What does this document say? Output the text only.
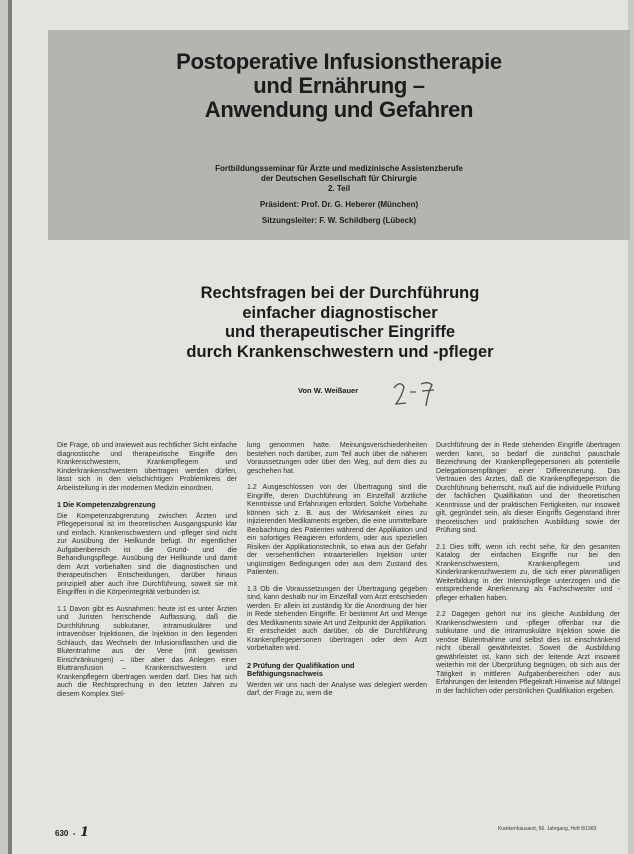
Postoperative Infusionstherapie
und Ernährung –
Anwendung und Gefahren
Fortbildungsseminar für Ärzte und medizinische Assistenzberufe
der Deutschen Gesellschaft für Chirurgie
2. Teil
Präsident: Prof. Dr. G. Heberer (München)
Sitzungsleiter: F. W. Schildberg (Lübeck)
Rechtsfragen bei der Durchführung
einfacher diagnostischer
und therapeutischer Eingriffe
durch Krankenschwestern und -pfleger
Von W. Weißauer

Die Frage, ob und inwieweit aus rechtlicher Sicht einfache diagnostische und therapeutische Eingriffe den Krankenschwestern, Krankenpflegern und Kinderkrankenschwestern übertragen werden dürfen, lässt sich in den vielschichtigen Problemkreis der Arbeitsteilung in der modernen Medizin einordnen.

1 Die Kompetenzabgrenzung

Die Kompetenzabgrenzung zwischen Ärzten und Pflegepersonal ist im theoretischen Ausgangspunkt klar und einfach. Krankenschwestern und -pfleger sind nicht zur Ausübung der Heilkunde befugt. Ihr eigentlicher Aufgabenbereich ist die Grund- und die Behandlungspflege. Ausübung der Heilkunde und damit dem Arzt vorbehalten sind die diagnostischen und therapeutischen Entscheidungen, darüber hinaus prinzipiell aber auch ihre Durchführung, soweit sie mit Eingriffen in die Körperintegrität verbunden ist.

1.1 Davon gibt es Ausnahmen: heute ist es unter Ärzten und Juristen herrschende Auffassung, daß die Durchführung subkutaner, intramuskulärer und intravenöser Injektionen, die Injektion in den liegenden Schlauch, das Wechseln der Infusionsflaschen und die Blutentnahme aus der Vene (mit gewissen Einschränkungen) – über aber das Anlegen einer Bluttransfusion – Krankenschwestern und Krankenpflegern übertragen werden darf. Dies hat sich auch die Rechtsprechung in den letzten Jahren zu diesem Komplex Stel-

lung genommen hatte. Meinungsverschiedenheiten bestehen noch darüber, zum Teil auch über die näheren Voraussetzungen oder über den Weg, auf dem dies zu geschehen hat.

1.2 Ausgeschlossen von der Übertragung sind die Eingriffe, deren Durchführung im Einzelfall ärztliche Kenntnisse und Erfahrungen erfordert. Solche Vorbehalte können sich z. B. aus der Wirksamkeit eines zu injizierenden Medikaments ergeben, die eine unmittelbare Beobachtung des Patienten während der Applikation und ein sofortiges Reagieren erfordern, oder aus speziellen Risiken der Applikationstechnik, so etwa aus der Gefahr der versehentlichen intraarteriellen Injektion unter ungünstigen Bedingungen oder aus dem Zustand des Patienten.

1.3 Ob die Voraussetzungen der Übertragung gegeben sind, kann deshalb nur im Einzelfall vom Arzt entschieden werden. Er allein ist zuständig für die Anordnung der hier in Rede stehenden Eingriffe. Er bestimmt Art und Menge des Medikaments sowie Art und Zeitpunkt der Applikation. Er entscheidet auch darüber, ob die Durchführung Krankenpflegepersonen übertragen oder dem Arzt vorbehalten wird.

2 Prüfung der Qualifikation und Befähigungsnachweis

Werden wir uns nach der Analyse was delegiert werden darf, der Frage zu, wem die

Durchführung der in Rede stehenden Eingriffe übertragen werden kann, so bedarf die zunächst pauschale Bezeichnung der Krankenpflegepersonen als potentielle Delegationsempfänger einer Differenzierung. Das Vertrauen des Arztes, daß die Krankenpflegeperson die Durchführung beherrscht, muß auf die individuelle Prüfung der fachlichen Qualifikation und der theoretischen Kenntnisse und der praktischen Fertigkeiten, nur insoweit gilt, gegründet sein, als dieser Eingriffs Gegenstand ihrer theoretischen und praktischen Ausbildung sowie der Prüfung sind.

2.1 Dies trifft, wenn ich recht sehe, für den gesamten Katalog der einfachen Eingriffe nur bei den Krankenschwestern, Krankenpflegern und Kinderkrankenschwestern zu, die sich einer planmäßigen Weiterbildung in der Intensivpflege unterzogen und die entsprechende Anerkennung als Fachschwester und -pfleger erhalten haben.

2.2 Dagegen gehört nur ins gleiche Ausbildung der Krankenschwestern und -pfleger offenbar nur die subkutane und die intramuskuläre Injektion sowie die venöse Blutentnahme und selbst dies ist einschränkend nicht überall gewährleistet. Soweit die Ausbildung gewährleistet ist, kann sich der leitende Arzt insoweit weiterhin mit der Überprüfung begnügen, ob sich aus der Tätigkeit in mittleren Aufgabenbereichen oder aus Erfahrungen der leitenden Pflegekraft Hinweise auf Mängel in der fachlichen oder persönlichen Qualifikation ergeben.

630  -  1	Krankenhausarzt, 56. Jahrgang, Heft 8/1983
